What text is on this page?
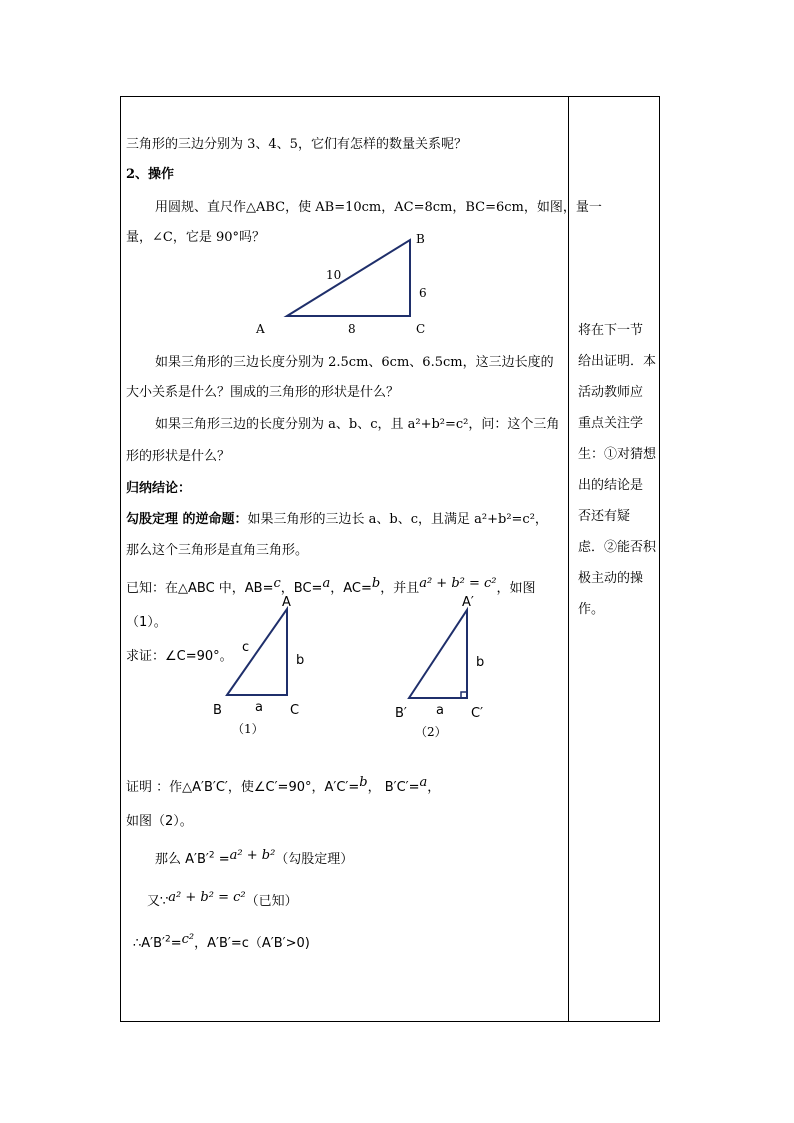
三角形的三边分别为 3、4、5，它们有怎样的数量关系呢？
2、操作
用圆规、直尺作△ABC，使 AB=10cm，AC=8cm，BC=6cm，如图，量一
量，∠C，它是 90°吗？	B
A	C
10
8
6
如果三角形的三边长度分别为 2.5cm、6cm、6.5cm，这三边长度的
大小关系是什么？围成的三角形的形状是什么？
如果三角形三边的长度分别为 a、b、c，且 a²+b²=c²，问：这个三角
形的形状是什么？
归纳结论：
勾股定理 的逆命题：如果三角形的三边长 a、b、c，且满足 a²+b²=c²，
那么这个三角形是直角三角形。
已知：在△ABC 中，AB=c，BC=a，AC=b，并且a² + b² = c²，如图
（1）。
求证：∠C=90°。
A
B	C
c
b
a
（1）
A′
B′	C′
b
a
（2）
证明 ：作△A′B′C′，使∠C′=90°，A′C′=b， B′C′=a，
如图（2）。
那么 $A'B'^2 =a^2 + b^2$（勾股定理）
又∵a² + b² = c²（已知）
$\therefore A'B'^2=c^2$，A′B′=c（A′B′>0)
将在下一节
给出证明．本
活动教师应
重点关注学
生：①对猜想
出的结论是
否还有疑
虑．②能否积
极主动的操
作。
